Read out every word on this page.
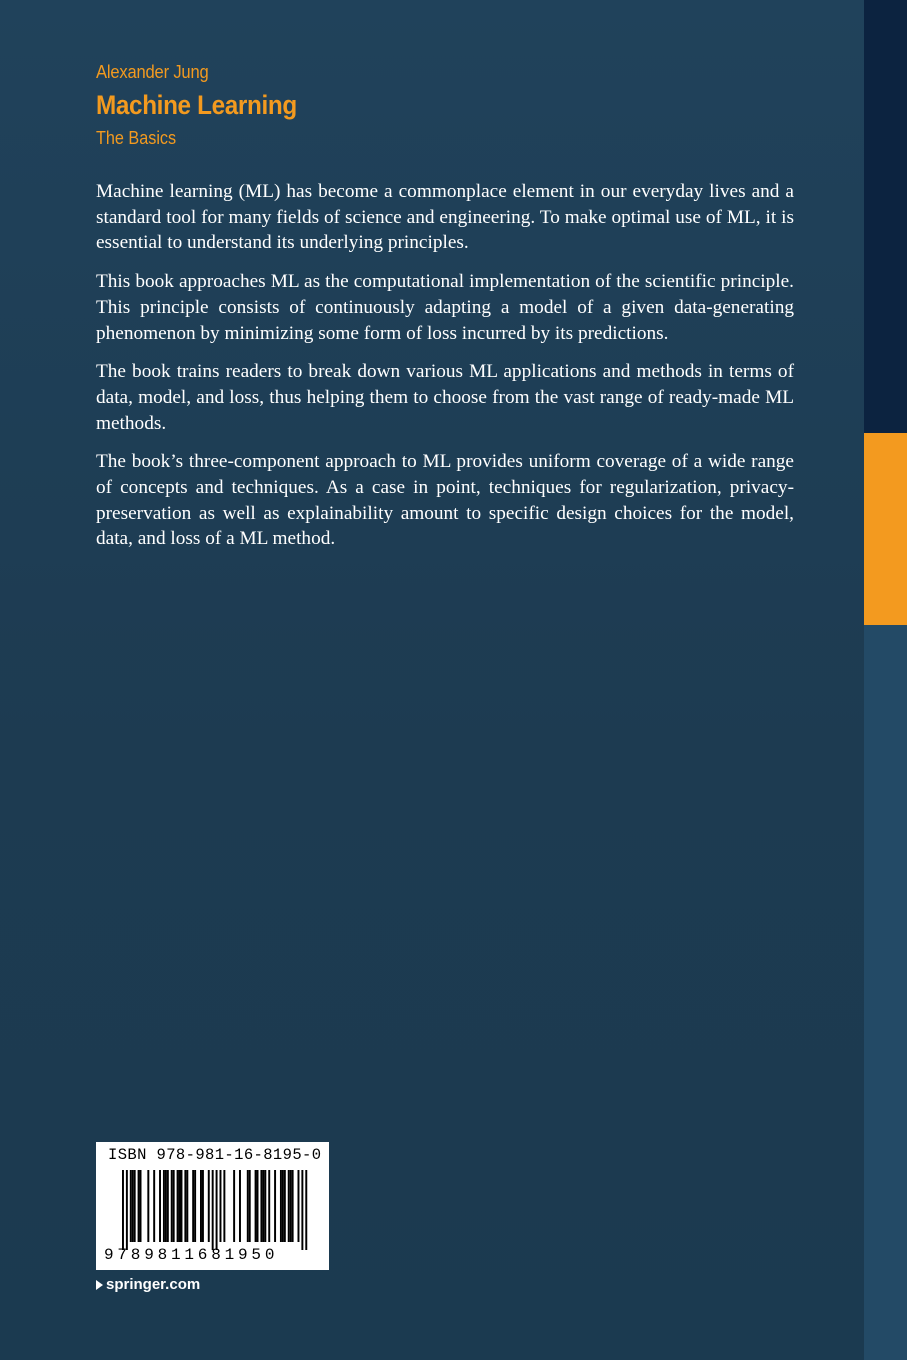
Alexander Jung
Machine Learning
The Basics

Machine learning (ML) has become a commonplace element in our everyday lives and a standard tool for many fields of science and engineering. To make optimal use of ML, it is essential to understand its underlying principles.

This book approaches ML as the computational implementation of the scientific principle. This principle consists of continuously adapting a model of a given data-generating phenomenon by minimizing some form of loss incurred by its predictions.

The book trains readers to break down various ML applications and methods in terms of data, model, and loss, thus helping them to choose from the vast range of ready-made ML methods.

The book’s three-component approach to ML provides uniform coverage of a wide range of concepts and techniques. As a case in point, techniques for regularization, privacy-preservation as well as explainability amount to specific design choices for the model, data, and loss of a ML method.

ISBN 978-981-16-8195-0
9789811681950
springer.com
